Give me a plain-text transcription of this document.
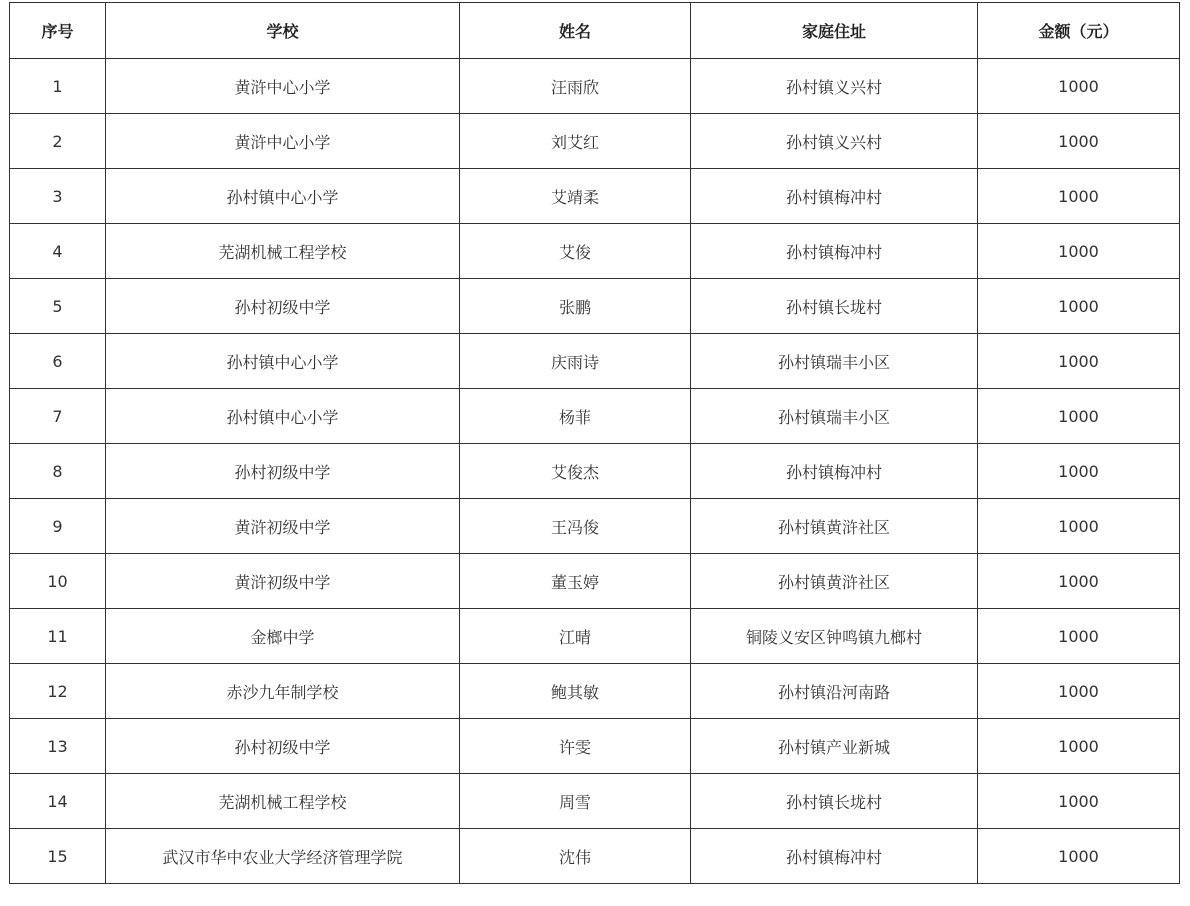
序号	学校	姓名	家庭住址	金额（元）
1	黄浒中心小学	汪雨欣	孙村镇义兴村	1000
2	黄浒中心小学	刘艾红	孙村镇义兴村	1000
3	孙村镇中心小学	艾靖柔	孙村镇梅冲村	1000
4	芜湖机械工程学校	艾俊	孙村镇梅冲村	1000
5	孙村初级中学	张鹏	孙村镇长垅村	1000
6	孙村镇中心小学	庆雨诗	孙村镇瑞丰小区	1000
7	孙村镇中心小学	杨菲	孙村镇瑞丰小区	1000
8	孙村初级中学	艾俊杰	孙村镇梅冲村	1000
9	黄浒初级中学	王冯俊	孙村镇黄浒社区	1000
10	黄浒初级中学	董玉婷	孙村镇黄浒社区	1000
11	金榔中学	江晴	铜陵义安区钟鸣镇九榔村	1000
12	赤沙九年制学校	鲍其敏	孙村镇沿河南路	1000
13	孙村初级中学	许雯	孙村镇产业新城	1000
14	芜湖机械工程学校	周雪	孙村镇长垅村	1000
15	武汉市华中农业大学经济管理学院	沈伟	孙村镇梅冲村	1000
